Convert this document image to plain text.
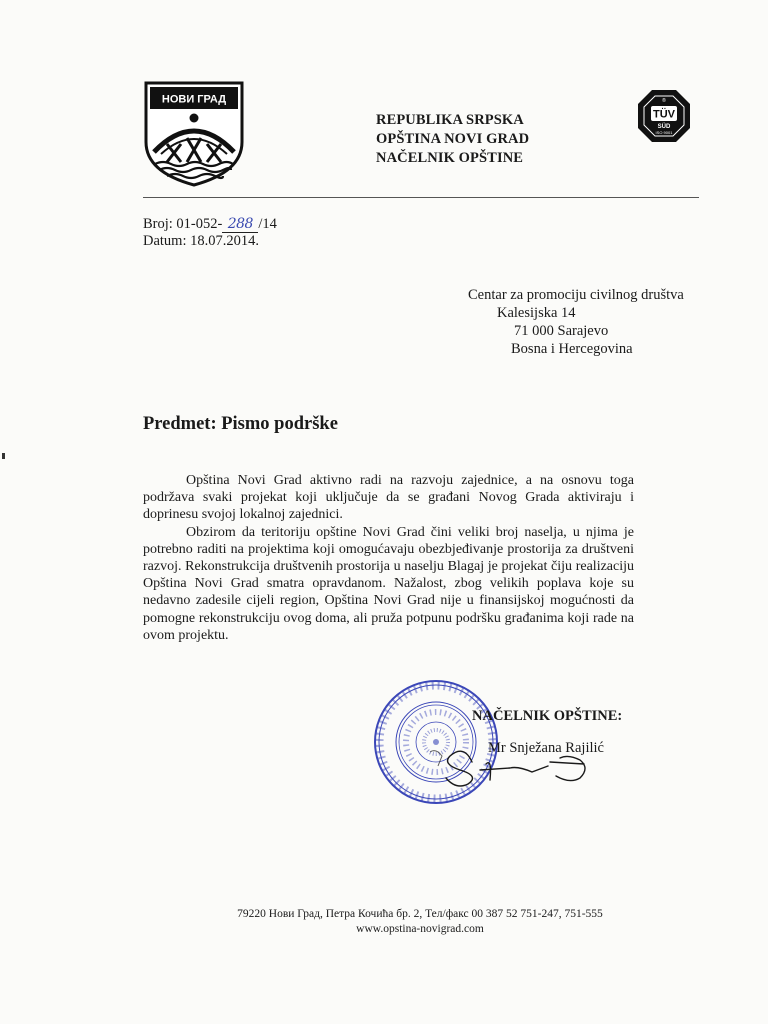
НОВИ ГРАД
REPUBLIKA SRPSKA
OPŠTINA NOVI GRAD
NAČELNIK OPŠTINE
TÜV
SÜD
ISO 9001
®
Broj: 01-052- 288 /14
Datum: 18.07.2014.
Centar za promociju civilnog društva
Kalesijska 14
71 000 Sarajevo
Bosna i Hercegovina
Predmet: Pismo podrške

Opština Novi Grad aktivno radi na razvoju zajednice, a na osnovu toga podržava svaki projekat koji uključuje da se građani Novog Grada aktiviraju i doprinesu svojoj lokalnoj zajednici.

Obzirom da teritoriju opštine Novi Grad čini veliki broj naselja, u njima je potrebno raditi na projektima koji omogućavaju obezbjeđivanje prostorija za društveni razvoj. Rekonstrukcija društvenih prostorija u naselju Blagaj je projekat čiju realizaciju Opština Novi Grad smatra opravdanom. Nažalost, zbog velikih poplava koje su nedavno zadesile cijeli region, Opština Novi Grad nije u finansijskoj mogućnosti da pomogne rekonstrukciju ovog doma, ali pruža potpunu podršku građanima koji rade na ovom projektu.

NAČELNIK OPŠTINE:
Mr Snježana Rajilić
79220 Нови Град, Петра Кочића бр. 2, Тел/факс 00 387 52 751-247, 751-555
www.opstina-novigrad.com
